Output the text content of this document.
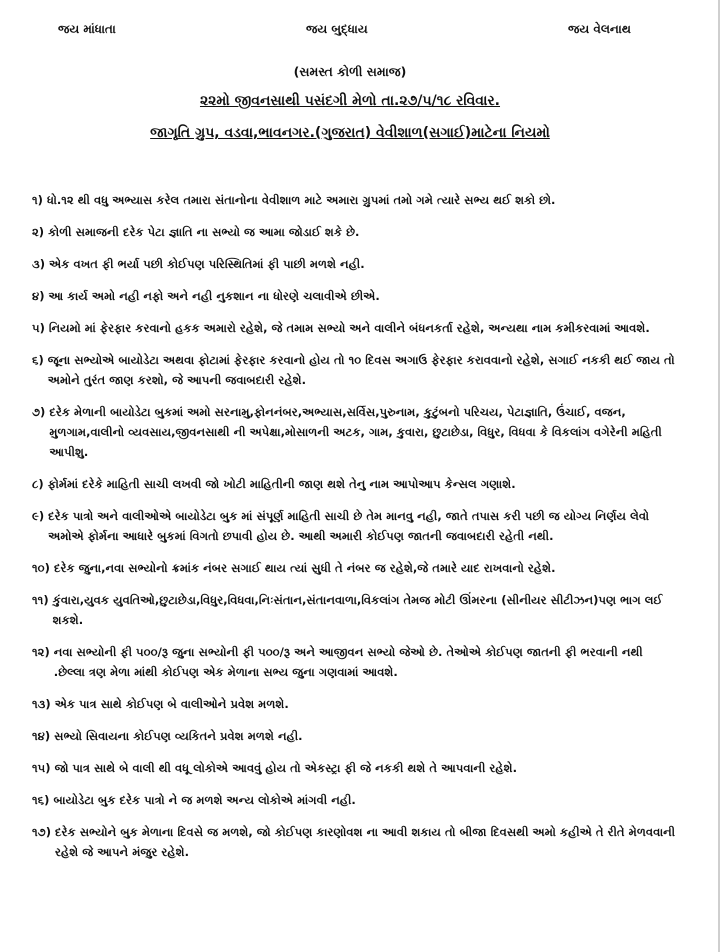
જય માંધાતા	જય બુદ્ધાય	જય વેલનાથ
(સમસ્ત કોળી સમાજ)
૨૨મો જીવનસાથી પસંદગી મેળો તા.૨૭/૫/૧૮ રવિવાર.
જાગૃતિ ગ્રુપ, વડવા,ભાવનગર.(ગુજરાત) વેવીશાળ(સગાઈ)માટેના નિયમો
૧) ધો.૧૨ થી વધુ અભ્યાસ કરેલ તમારા સંતાનોના વેવીશાળ માટે અમારા ગ્રુપમાં તમો ગમે ત્યારે સભ્ય થઈ શકો છો.
૨) કોળી સમાજની દરેક પેટા જ્ઞાતિ ના સભ્યો જ આમા જોડાઈ શકે છે.
૩) એક વખત ફી ભર્યા પછી કોઈપણ પરિસ્થિતિમાં ફી પાછી મળશે નહી.
૪) આ કાર્ય અમો નહી નફો અને નહી નુકશાન ના ધોરણે ચલાવીએ છીએ.
૫) નિયમો માં ફેરફાર કરવાનો હકક અમારો રહેશે, જે તમામ સભ્યો અને વાલીને બંધનકર્તા રહેશે, અન્યથા નામ કમીકરવામાં આવશે.
૬) જૂના સભ્યોએ બાયોડેટા અથવા ફોટામાં ફેરફાર કરવાનો હોય તો ૧૦ દિવસ અગાઉ ફેરફાર કરાવવાનો રહેશે, સગાઈ નકકી થઈ જાય તો અમોને તુરંત જાણ કરશો, જે આપની જવાબદારી રહેશે.
૭) દરેક મેળાની બાયોડેટા બુકમાં અમો સરનામુ,ફોનનંબર,અભ્યાસ,સર્વિસ,પુરુનામ, કુટુંબનો પરિચય, પેટાજ્ઞાતિ, ઉંચાઈ, વજન, મુળગામ,વાલીનો વ્યવસાય,જીવનસાથી ની અપેક્ષા,મોસાળની અટક, ગામ, કુવારા, છુટાછેડા, વિધુર, વિધવા કે વિકલાંગ વગેરેની મહિતી આપીશુ.
૮) ફોર્મમાં દરેકે માહિતી સાચી લખવી જો ખોટી માહિતીની જાણ થશે તેનુ નામ આપોઆપ કેન્સલ ગણાશે.
૯) દરેક પાત્રો અને વાલીઓએ બાયોડેટા બુક માં સંપૂર્ણ માહિતી સાચી છે તેમ માનવુ નહી, જાતે તપાસ કરી પછી જ યોગ્ય નિર્ણય લેવો અમોએ ફોર્મના આધારે બુકમાં વિગતો છપાવી હોય છે. આથી અમારી કોઈપણ જાતની જવાબદારી રહેતી નથી.
૧૦) દરેક જુના,નવા સભ્યોનો ક્રમાંક નંબર સગાઈ થાય ત્યાં સુધી તે નંબર જ રહેશે,જે તમારે યાદ રાખવાનો રહેશે.
૧૧) કુંવારા,યુવક યુવતિઓ,છુટાછેડા,વિધુર,વિધવા,નિઃસંતાન,સંતાનવાળા,વિકલાંગ તેમજ મોટી ઊંમરના (સીનીયર સીટીઝન)પણ ભાગ લઈ શકશે.
૧૨) નવા સભ્યોની ફી ૫૦૦/રૂ જુના સભ્યોની ફી ૫૦૦/રૂ અને આજીવન સભ્યો જેઓ છે. તેઓએ કોઈપણ જાતની ફી ભરવાની નથી .છેલ્લા ત્રણ મેળા માંથી કોઈપણ એક મેળાના સભ્ય જુના ગણવામાં આવશે.
૧૩) એક પાત્ર સાથે કોઈપણ બે વાલીઓને પ્રવેશ મળશે.
૧૪) સભ્યો સિવાયના કોઈપણ વ્યકિતને પ્રવેશ મળશે નહી.
૧૫) જો પાત્ર સાથે બે વાલી થી વધૂ લોકોએ આવવું હોય તો એકસ્ટ્રા ફી જે નકકી થશે તે આપવાની રહેશે.
૧૬) બાયોડેટા બુક દરેક પાત્રો ને જ મળશે અન્ય લોકોએ માંગવી નહી.
૧૭) દરેક સભ્યોને બુક મેળાના દિવસે જ મળશે, જો કોઈપણ કારણોવશ ના આવી શકાય તો બીજા દિવસથી અમો કહીએ તે રીતે મેળવવાની રહેશે જે આપને મંજુર રહેશે.
